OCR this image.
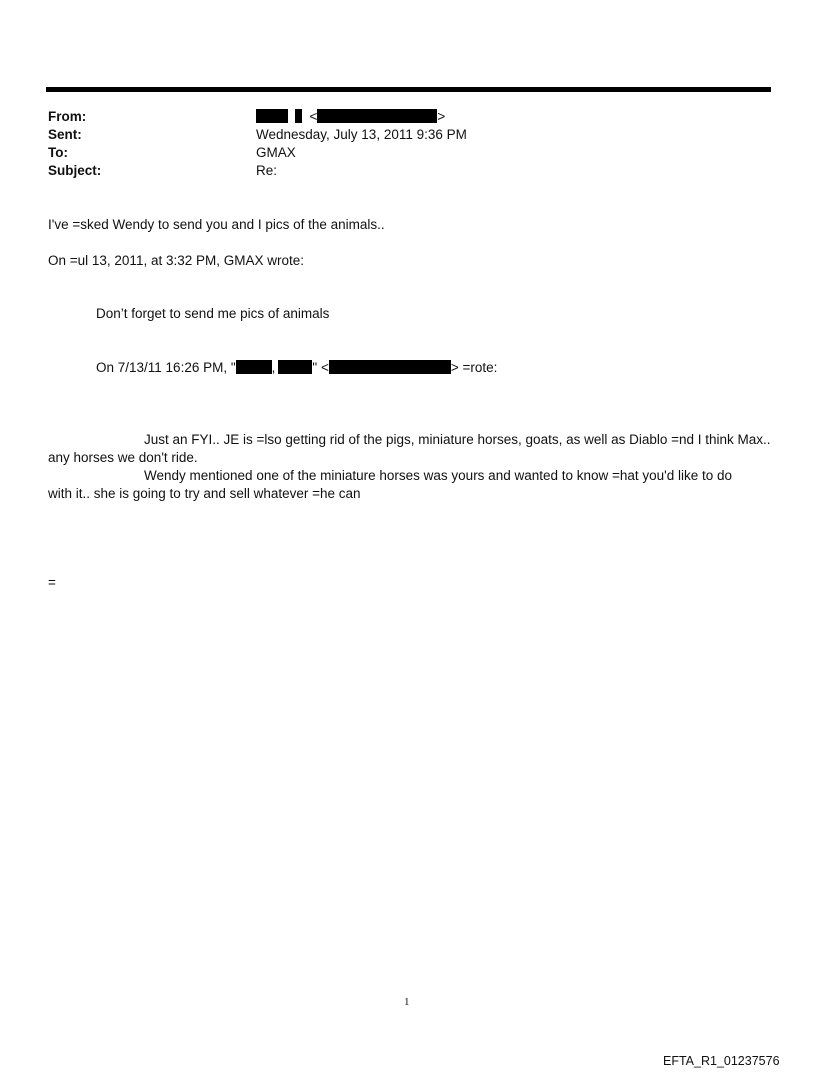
From:	<	>
Sent:	Wednesday, July 13, 2011 9:36 PM
To:	GMAX
Subject:	Re:
I've =sked Wendy to send you and I pics of the animals..
On =ul 13, 2011, at 3:32 PM, GMAX wrote:
Don’t forget to send me pics of animals
On 7/13/11 16:26 PM, "	,	" <	> =rote:
Just an FYI.. JE is =lso getting rid of the pigs, miniature horses, goats, as well as Diablo =nd I think Max..
any horses we don't ride.
Wendy mentioned one of the miniature horses was yours and wanted to know =hat you'd like to do
with it.. she is going to try and sell whatever =he can
=
1
EFTA_R1_01237576
